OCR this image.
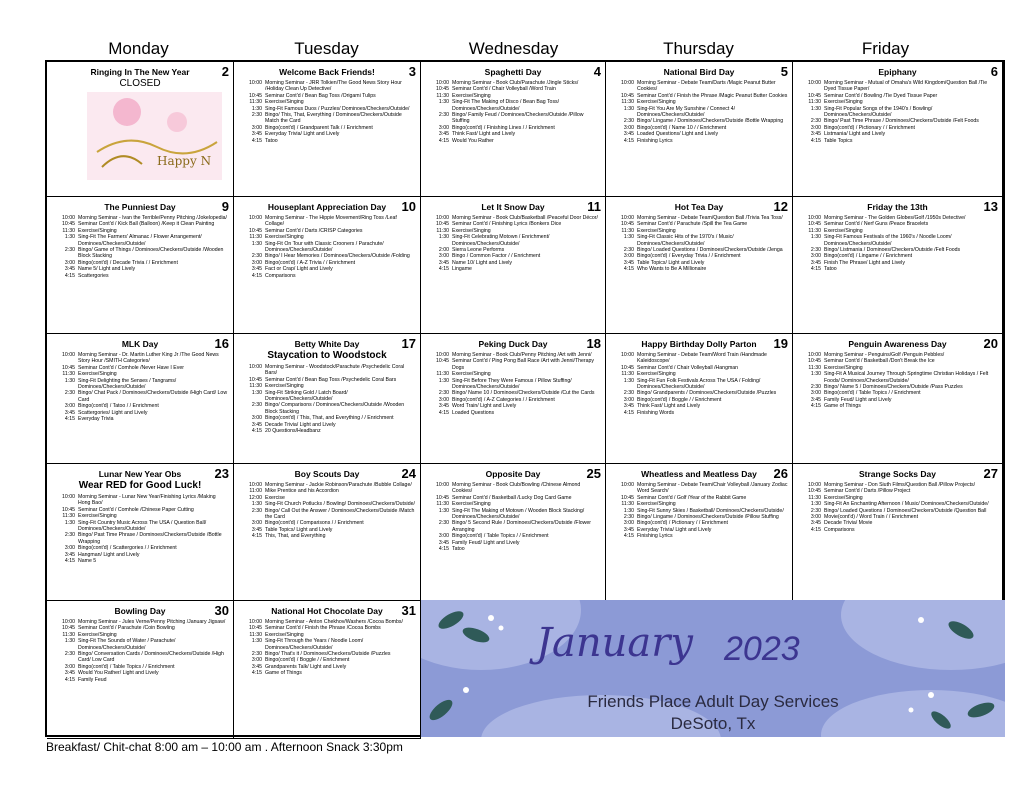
Monday	Tuesday	Wednesday	Thursday	Friday
2
Ringing In The New Year
CLOSED
Happy N
3
Welcome Back Friends!
10:00 Morning Seminar - JRR Tolkien/The Good News Story Hour /Holiday Clean Up Detective/
10:45 Seminar Cont'd / Bean Bag Toss /Origami Tulips
11:30 Exercise/Singing
1:30 Sing-Fit Famous Duos / Puzzles/ Dominoes/Checkers/Outside/
2:30 Bingo/ This, That, Everything / Dominoes/Checkers/Outside Match the Card
3:00 Bingo(cont'd) / Grandparent Talk / / Enrichment
3:45 Everyday Trivia/ Light and Lively
4:15 Tatoo
4
Spaghetti Day
10:00 Morning Seminar - Book Club/Parachute /Jingle Sticks/
10:45 Seminar Cont'd / Chair Volleyball /Word Train
11:30 Exercise/Singing
1:30 Sing-Fit The Making of Disco / Bean Bag Toss/ Dominoes/Checkers/Outside/
2:30 Bingo/ Family Feud / Dominoes/Checkers/Outside /Pillow Stuffing
3:00 Bingo(cont'd) / Finishing Lines / / Enrichment
3:45 Think Fast/ Light and Lively
4:15 Would You Rather
5
National Bird Day
10:00 Morning Seminar - Debate Team/Darts /Magic Peanut Butter Cookies/
10:45 Seminar Cont'd / Finish the Phrase /Magic Peanut Butter Cookies
11:30 Exercise/Singing
1:30 Sing-Fit You Are My Sunshine / Connect 4/ Dominoes/Checkers/Outside/
2:30 Bingo/ Lingame / Dominoes/Checkers/Outside /Bottle Wrapping
3:00 Bingo(cont'd) / Name 10 / / Enrichment
3:45 Loaded Questions/ Light and Lively
4:15 Finishing Lyrics
6
Epiphany
10:00 Morning Seminar - Mutual of Omaha's Wild Kingdom/Question Ball /Tie Dyed Tissue Paper/
10:45 Seminar Cont'd / Bowling /Tie Dyed Tissue Paper
11:30 Exercise/Singing
1:30 Sing-Fit Popular Songs of the 1940's / Bowling/ Dominoes/Checkers/Outside/
2:30 Bingo/ Past Time Phrase / Dominoes/Checkers/Outside /Felt Foods
3:00 Bingo(cont'd) / Pictionary / / Enrichment
3:45 Listmania/ Light and Lively
4:15 Table Topics
9
The Punniest Day
10:00 Morning Seminar - Ivan the Terrible/Penny Pitching /Jokelopedia/
10:45 Seminar Cont'd / Kick Ball (Balloon) /Keep it Clean Painting
11:30 Exercise/Singing
1:30 Sing-Fit The Farmers' Almanac / Flower Arrangement/ Dominoes/Checkers/Outside/
2:30 Bingo/ Game of Things / Dominoes/Checkers/Outside /Wooden Block Stacking
3:00 Bingo(cont'd) / Decade Trivia / / Enrichment
3:45 Name 5/ Light and Lively
4:15 Scattergories
10
Houseplant Appreciation Day
10:00 Morning Seminar - The Hippie Movement/Ring Toss /Leaf Collage/
10:45 Seminar Cont'd / Darts /CRISP Categories
11:30 Exercise/Singing
1:30 Sing-Fit On Tour with Classic Crooners / Parachute/ Dominoes/Checkers/Outside/
2:30 Bingo/ I Hear Memories / Dominoes/Checkers/Outside /Folding
3:00 Bingo(cont'd) / A-Z Trivia / / Enrichment
3:45 Fact or Crap/ Light and Lively
4:15 Comparisons
11
Let It Snow Day
10:00 Morning Seminar - Book Club/Basketball /Peaceful Door Décor/
10:45 Seminar Cont'd / Finishing Lyrics /Bonkers Dice
11:30 Exercise/Singing
1:30 Sing-Fit Celebrating Motown / Enrichment/ Dominoes/Checkers/Outside/
2:00 Sierra Leone Performs
3:00 Bingo / Common Factor / / Enrichment
3:45 Name 10/ Light and Lively
4:15 Lingame
12
Hot Tea Day
10:00 Morning Seminar - Debate Team/Question Ball /Trivia Tea Toss/
10:45 Seminar Cont'd / Parachute /Spill the Tea Game
11:30 Exercise/Singing
1:30 Sing-Fit Classic Hits of the 1970's / Music/ Dominoes/Checkers/Outside/
2:30 Bingo/ Loaded Questions / Dominoes/Checkers/Outside /Jenga
3:00 Bingo(cont'd) / Everyday Trivia / / Enrichment
3:45 Table Topics/ Light and Lively
4:15 Who Wants to Be A Millionaire
13
Friday the 13th
10:00 Morning Seminar - The Golden Globes/Golf /1950s Detective/
10:45 Seminar Cont'd / Nerf Guns /Peace Bracelets
11:30 Exercise/Singing
1:30 Sing-Fit Famous Festivals of the 1960's / Noodle Loom/ Dominoes/Checkers/Outside/
2:30 Bingo/ Listmania / Dominoes/Checkers/Outside /Felt Foods
3:00 Bingo(cont'd) / Lingame / / Enrichment
3:45 Finish The Phrase/ Light and Lively
4:15 Tatoo
16
MLK Day
10:00 Morning Seminar - Dr. Martin Luther King Jr /The Good News Story Hour /SMITH Categories/
10:45 Seminar Cont'd / Comhole /Never Have I Ever
11:30 Exercise/Singing
1:30 Sing-Fit Delighting the Senses / Tangrams/ Dominoes/Checkers/Outside/
2:30 Bingo/ Chat Pack / Dominoes/Checkers/Outside /High Card/ Low Card
3:00 Bingo(cont'd) / Tatoo / / Enrichment
3:45 Scattergories/ Light and Lively
4:15 Everyday Trivia
17
Betty White Day
Staycation to Woodstock
10:00 Morning Seminar - Woodstock/Parachute /Psychedelic Coral Bars/
10:45 Seminar Cont'd / Bean Bag Toss /Psychedelic Coral Bars
11:30 Exercise/Singing
1:30 Sing-Fit Striking Gold / Latch Board/ Dominoes/Checkers/Outside/
2:30 Bingo/ Comparisons / Dominoes/Checkers/Outside /Wooden Block Stacking
3:00 Bingo(cont'd) / This, That, and Everything / / Enrichment
3:45 Decade Trivia/ Light and Lively
4:15 20 Questions/Headbanz
18
Peking Duck Day
10:00 Morning Seminar - Book Club/Penny Pitching /Art with Jenni/
10:45 Seminar Cont'd / Ping Pong Ball Race /Art with Jenni/Therapy Dogs
11:30 Exercise/Singing
1:30 Sing-Fit Before They Were Famous / Pillow Stuffing/ Dominoes/Checkers/Outside/
2:30 Bingo/ Name 10 / Dominoes/Checkers/Outside /Cut the Cards
3:00 Bingo(cont'd) / A-Z Categories / / Enrichment
3:45 Word Train/ Light and Lively
4:15 Loaded Questions
19
Happy Birthday Dolly Parton
10:00 Morning Seminar - Debate Team/Word Train /Handmade Kaleidoscope/
10:45 Seminar Cont'd / Chair Volleyball /Hangman
11:30 Exercise/Singing
1:30 Sing-Fit Fun Folk Festivals Across The USA / Folding/ Dominoes/Checkers/Outside/
2:30 Bingo/ Grandparents / Dominoes/Checkers/Outside /Puzzles
3:00 Bingo(cont'd) / Boggle / / Enrichment
3:45 Think Fast/ Light and Lively
4:15 Finishing Words
20
Penguin Awareness Day
10:00 Morning Seminar - Penguins/Golf /Penguin Pebbles/
10:45 Seminar Cont'd / Basketball /Don't Break the Ice
11:30 Exercise/Singing
1:30 Sing-Fit A Musical Journey Through Springtime Christian Holidays / Felt Foods/ Dominoes/Checkers/Outside/
2:30 Bingo/ Name 5 / Dominoes/Checkers/Outside /Pass Puzzles
3:00 Bingo(cont'd) / Table Topics / / Enrichment
3:45 Family Feud/ Light and Lively
4:15 Game of Things
23
Lunar New Year Obs
Wear RED for Good Luck!
10:00 Morning Seminar - Lunar New Year/Finishing Lyrics /Making Hong Bao/
10:45 Seminar Cont'd / Comhole /Chinese Paper Cutting
11:30 Exercise/Singing
1:30 Sing-Fit Country Music Across The USA / Question Ball/ Dominoes/Checkers/Outside/
2:30 Bingo/ Past Time Phrase / Dominoes/Checkers/Outside /Bottle Wrapping
3:00 Bingo(cont'd) / Scattergories / / Enrichment
3:45 Hangman/ Light and Lively
4:15 Name 5
24
Boy Scouts Day
10:00 Morning Seminar - Jackie Robinson/Parachute /Bubble Collage/
11:00 Mike Prentice and his Accordion
12:00 Exercise
1:30 Sing-Fit Church Potlucks / Bowling/ Dominoes/Checkers/Outside/
2:30 Bingo/ Call Out the Answer / Dominoes/Checkers/Outside /Match the Card
3:00 Bingo(cont'd) / Comparisons / / Enrichment
3:45 Table Topics/ Light and Lively
4:15 This, That, and Everything
25
Opposite Day
10:00 Morning Seminar - Book Club/Bowling /Chinese Almond Cookies/
10:45 Seminar Cont'd / Basketball /Lucky Dog Card Game
11:30 Exercise/Singing
1:30 Sing-Fit The Making of Motown / Wooden Block Stacking/ Dominoes/Checkers/Outside/
2:30 Bingo/ 5 Second Rule / Dominoes/Checkers/Outside /Flower Arranging
3:00 Bingo(cont'd) / Table Topics / / Enrichment
3:45 Family Feud/ Light and Lively
4:15 Tatoo
26
Wheatless and Meatless Day
10:00 Morning Seminar - Debate Team/Chair Volleyball /January Zodiac Word Search/
10:45 Seminar Cont'd / Golf /Year of the Rabbit Game
11:30 Exercise/Singing
1:30 Sing-Fit Sunny Skies / Basketball/ Dominoes/Checkers/Outside/
2:30 Bingo/ Lingame / Dominoes/Checkers/Outside /Pillow Stuffing
3:00 Bingo(cont'd) / Pictionary / / Enrichment
3:45 Everyday Trivia/ Light and Lively
4:15 Finishing Lyrics
27
Strange Socks Day
10:00 Morning Seminar - Don Siuth Films/Question Ball /Pillow Projects/
10:45 Seminar Cont'd / Darts /Pillow Project
11:30 Exercise/Singing
1:30 Sing-Fit An Enchanting Afternoon / Music/ Dominoes/Checkers/Outside/
2:30 Bingo/ Loaded Questions / Dominoes/Checkers/Outside /Question Ball
3:00 Movie(cont'd) / Word Train / / Enrichment
3:45 Decade Trivia/ Movie
4:15 Comparisons
30
Bowling Day
10:00 Morning Seminar - Jules Verne/Penny Pitching /January Jigsaw/
10:45 Seminar Cont'd / Parachute /Coin Bowling
11:30 Exercise/Singing
1:30 Sing-Fit The Sounds of Water / Parachute/ Dominoes/Checkers/Outside/
2:30 Bingo/ Conversation Cards / Dominoes/Checkers/Outside /High Card/ Low Card
3:00 Bingo(cont'd) / Table Topics / / Enrichment
3:45 Would You Rather/ Light and Lively
4:15 Family Feud
31
National Hot Chocolate Day
10:00 Morning Seminar - Anton Chekhov/Washers /Cocoa Bombs/
10:45 Seminar Cont'd / Finish the Phrase /Cocoa Bombs
11:30 Exercise/Singing
1:30 Sing-Fit Through the Years / Noodle Loom/ Dominoes/Checkers/Outside/
2:30 Bingo/ That's it / Dominoes/Checkers/Outside /Puzzles
3:00 Bingo(cont'd) / Boggle / / Enrichment
3:45 Grandparents Talk/ Light and Lively
4:15 Game of Things
January 2023
Friends Place Adult Day Services
DeSoto, Tx
Breakfast/ Chit-chat 8:00 am – 10:00 am . Afternoon Snack 3:30pm
